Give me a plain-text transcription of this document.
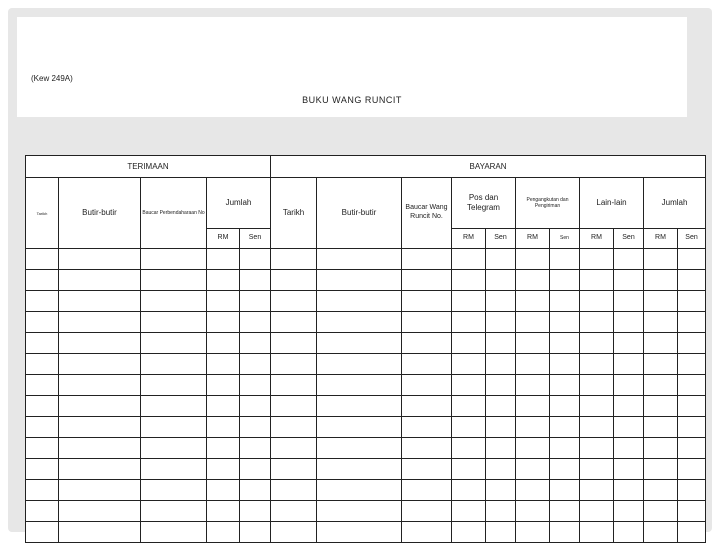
(Kew 249A)
BUKU WANG RUNCIT
TERIMAAN					BAYARAN										
Tarikh	Butir-butir	Baucar Perbendaharaan No	Jumlah		Tarikh	Butir-butir	Baucar Wang Runcit No.	Pos dan Telegram		Pengangkutan dan Pengiriman		Lain-lain		Jumlah	
			RM	Sen				RM	Sen	RM	Sen	RM	Sen	RM	Sen
